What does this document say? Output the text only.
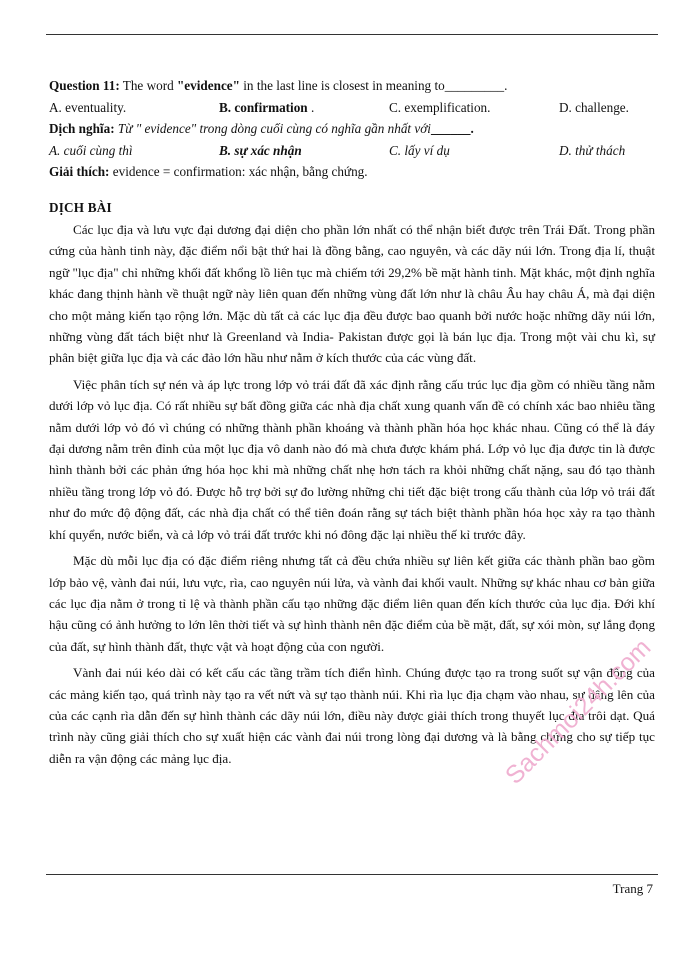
Question 11: The word "evidence" in the last line is closest in meaning to_________.
A. eventuality.	B. confirmation .	C. exemplification.	D. challenge.
Dịch nghĩa: Từ " evidence" trong dòng cuối cùng có nghĩa gần nhất với______.
A. cuối cùng thì	B. sự xác nhận	C. lấy ví dụ	D. thử thách
Giải thích: evidence = confirmation: xác nhận, bằng chứng.
DỊCH BÀI

Các lục địa và lưu vực đại dương đại diện cho phần lớn nhất có thể nhận biết được trên Trái Đất. Trong phần cứng của hành tinh này, đặc điểm nổi bật thứ hai là đồng bằng, cao nguyên, và các dãy núi lớn. Trong địa lí, thuật ngữ "lục địa" chỉ những khối đất khổng lồ liên tục mà chiếm tới 29,2% bề mặt hành tinh. Mặt khác, một định nghĩa khác đang thịnh hành về thuật ngữ này liên quan đến những vùng đất lớn như là châu Âu hay châu Á, mà đại diện cho một mảng kiến tạo rộng lớn. Mặc dù tất cả các lục địa đều được bao quanh bởi nước hoặc những dãy núi lớn, những vùng đất tách biệt như là Greenland và India- Pakistan được gọi là bán lục địa. Trong một vài chu kì, sự phân biệt giữa lục địa và các đảo lớn hầu như nằm ở kích thước của các vùng đất.

Việc phân tích sự nén và áp lực trong lớp vỏ trái đất đã xác định rằng cấu trúc lục địa gồm có nhiều tầng nằm dưới lớp vỏ lục địa. Có rất nhiều sự bất đồng giữa các nhà địa chất xung quanh vấn đề có chính xác bao nhiêu tầng nằm dưới lớp vỏ đó vì chúng có những thành phần khoáng và thành phần hóa học khác nhau. Cũng có thể là đáy đại dương nằm trên đỉnh của một lục địa vô danh nào đó mà chưa được khám phá. Lớp vỏ lục địa được tin là được hình thành bởi các phản ứng hóa học khi mà những chất nhẹ hơn tách ra khỏi những chất nặng, sau đó tạo thành nhiều tầng trong lớp vỏ đó. Được hỗ trợ bởi sự đo lường những chi tiết đặc biệt trong cấu thành của lớp vỏ trái đất như đo mức độ động đất, các nhà địa chất có thể tiên đoán rằng sự tách biệt thành phần hóa học xảy ra tạo thành khí quyển, nước biển, và cả lớp vỏ trái đất trước khi nó đông đặc lại nhiều thế kỉ trước đây.

Mặc dù mỗi lục địa có đặc điểm riêng nhưng tất cả đều chứa nhiều sự liên kết giữa các thành phần bao gồm lớp bảo vệ, vành đai núi, lưu vực, rìa, cao nguyên núi lửa, và vành đai khối vault. Những sự khác nhau cơ bản giữa các lục địa nằm ở trong tỉ lệ và thành phần cấu tạo những đặc điểm liên quan đến kích thước của lục địa. Đới khí hậu cũng có ảnh hưởng to lớn lên thời tiết và sự hình thành nên đặc điểm của bề mặt, đất, sự xói mòn, sự lắng đọng của đất, sự hình thành đất, thực vật và hoạt động của con người.

Vành đai núi kéo dài có kết cấu các tầng trầm tích điển hình. Chúng được tạo ra trong suốt sự vận động của các mảng kiến tạo, quá trình này tạo ra vết nứt và sự tạo thành núi. Khi rìa lục địa chạm vào nhau, sự dâng lên của của các cạnh rìa dẫn đến sự hình thành các dãy núi lớn, điều này được giải thích trong thuyết lục địa trôi dạt. Quá trình này cũng giải thích cho sự xuất hiện các vành đai núi trong lòng đại dương và là bằng chứng cho sự tiếp tục diễn ra vận động các mảng lục địa.	Sachmoi24h.com
Trang 7
